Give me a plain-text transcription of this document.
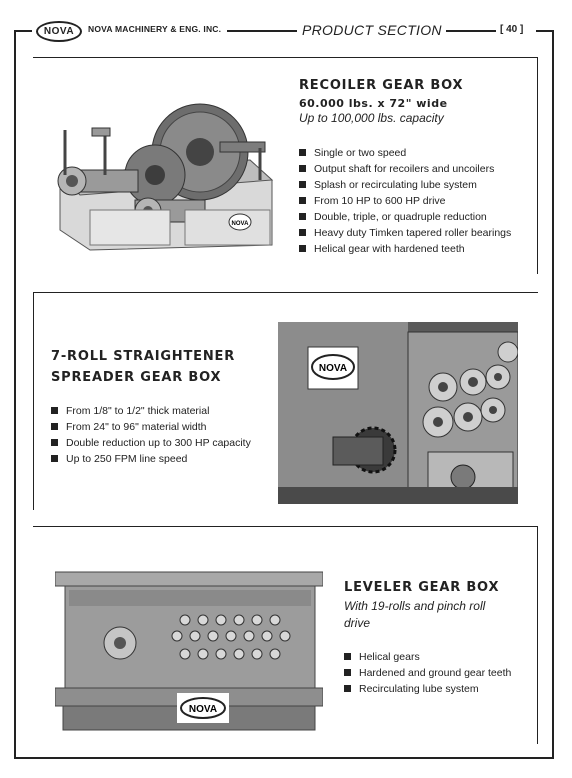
NOVA	NOVA MACHINERY & ENG. INC.	PRODUCT SECTION	[ 40 ]
NOVA
RECOILER GEAR BOX
60.000 lbs. x 72" wide
Up to 100,000 lbs. capacity
Single or two speed
Output shaft for recoilers and uncoilers
Splash or recirculating lube system
From 10 HP to 600 HP drive
Double, triple, or quadruple reduction
Heavy duty Timken tapered roller bearings
Helical gear with hardened teeth
7-ROLL STRAIGHTENER
SPREADER GEAR BOX
From 1/8" to 1/2" thick material
From 24" to 96" material width
Double reduction up to 300 HP capacity
Up to 250 FPM line speed
NOVA
NOVA
LEVELER GEAR BOX
With 19-rolls and pinch roll
drive
Helical gears
Hardened and ground gear teeth
Recirculating lube system
